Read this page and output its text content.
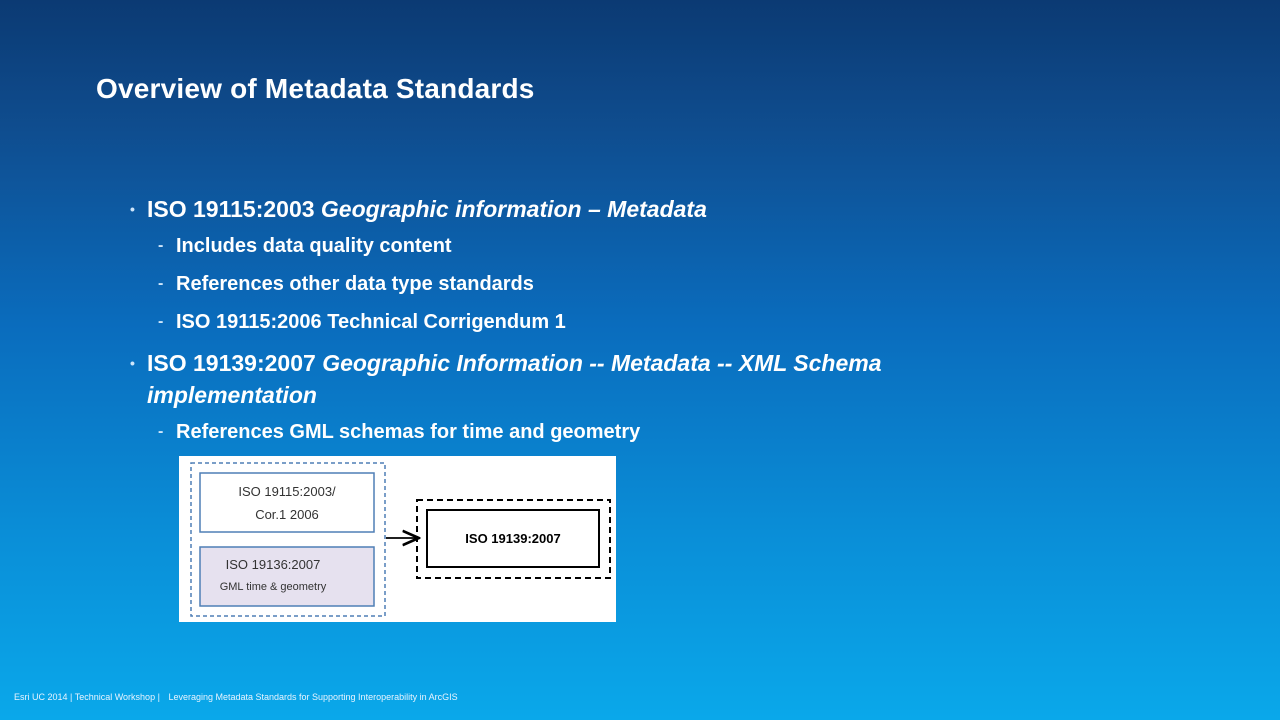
Overview of Metadata Standards
• ISO 19115:2003 Geographic information – Metadata
- Includes data quality content
- References other data type standards
- ISO 19115:2006 Technical Corrigendum 1
• ISO 19139:2007 Geographic Information -- Metadata -- XML Schema implementation
- References GML schemas for time and geometry
ISO 19115:2003/
Cor.1 2006
ISO 19136:2007
GML time & geometry
ISO 19139:2007
Esri UC 2014 | Technical Workshop | Leveraging Metadata Standards for Supporting Interoperability in ArcGIS
